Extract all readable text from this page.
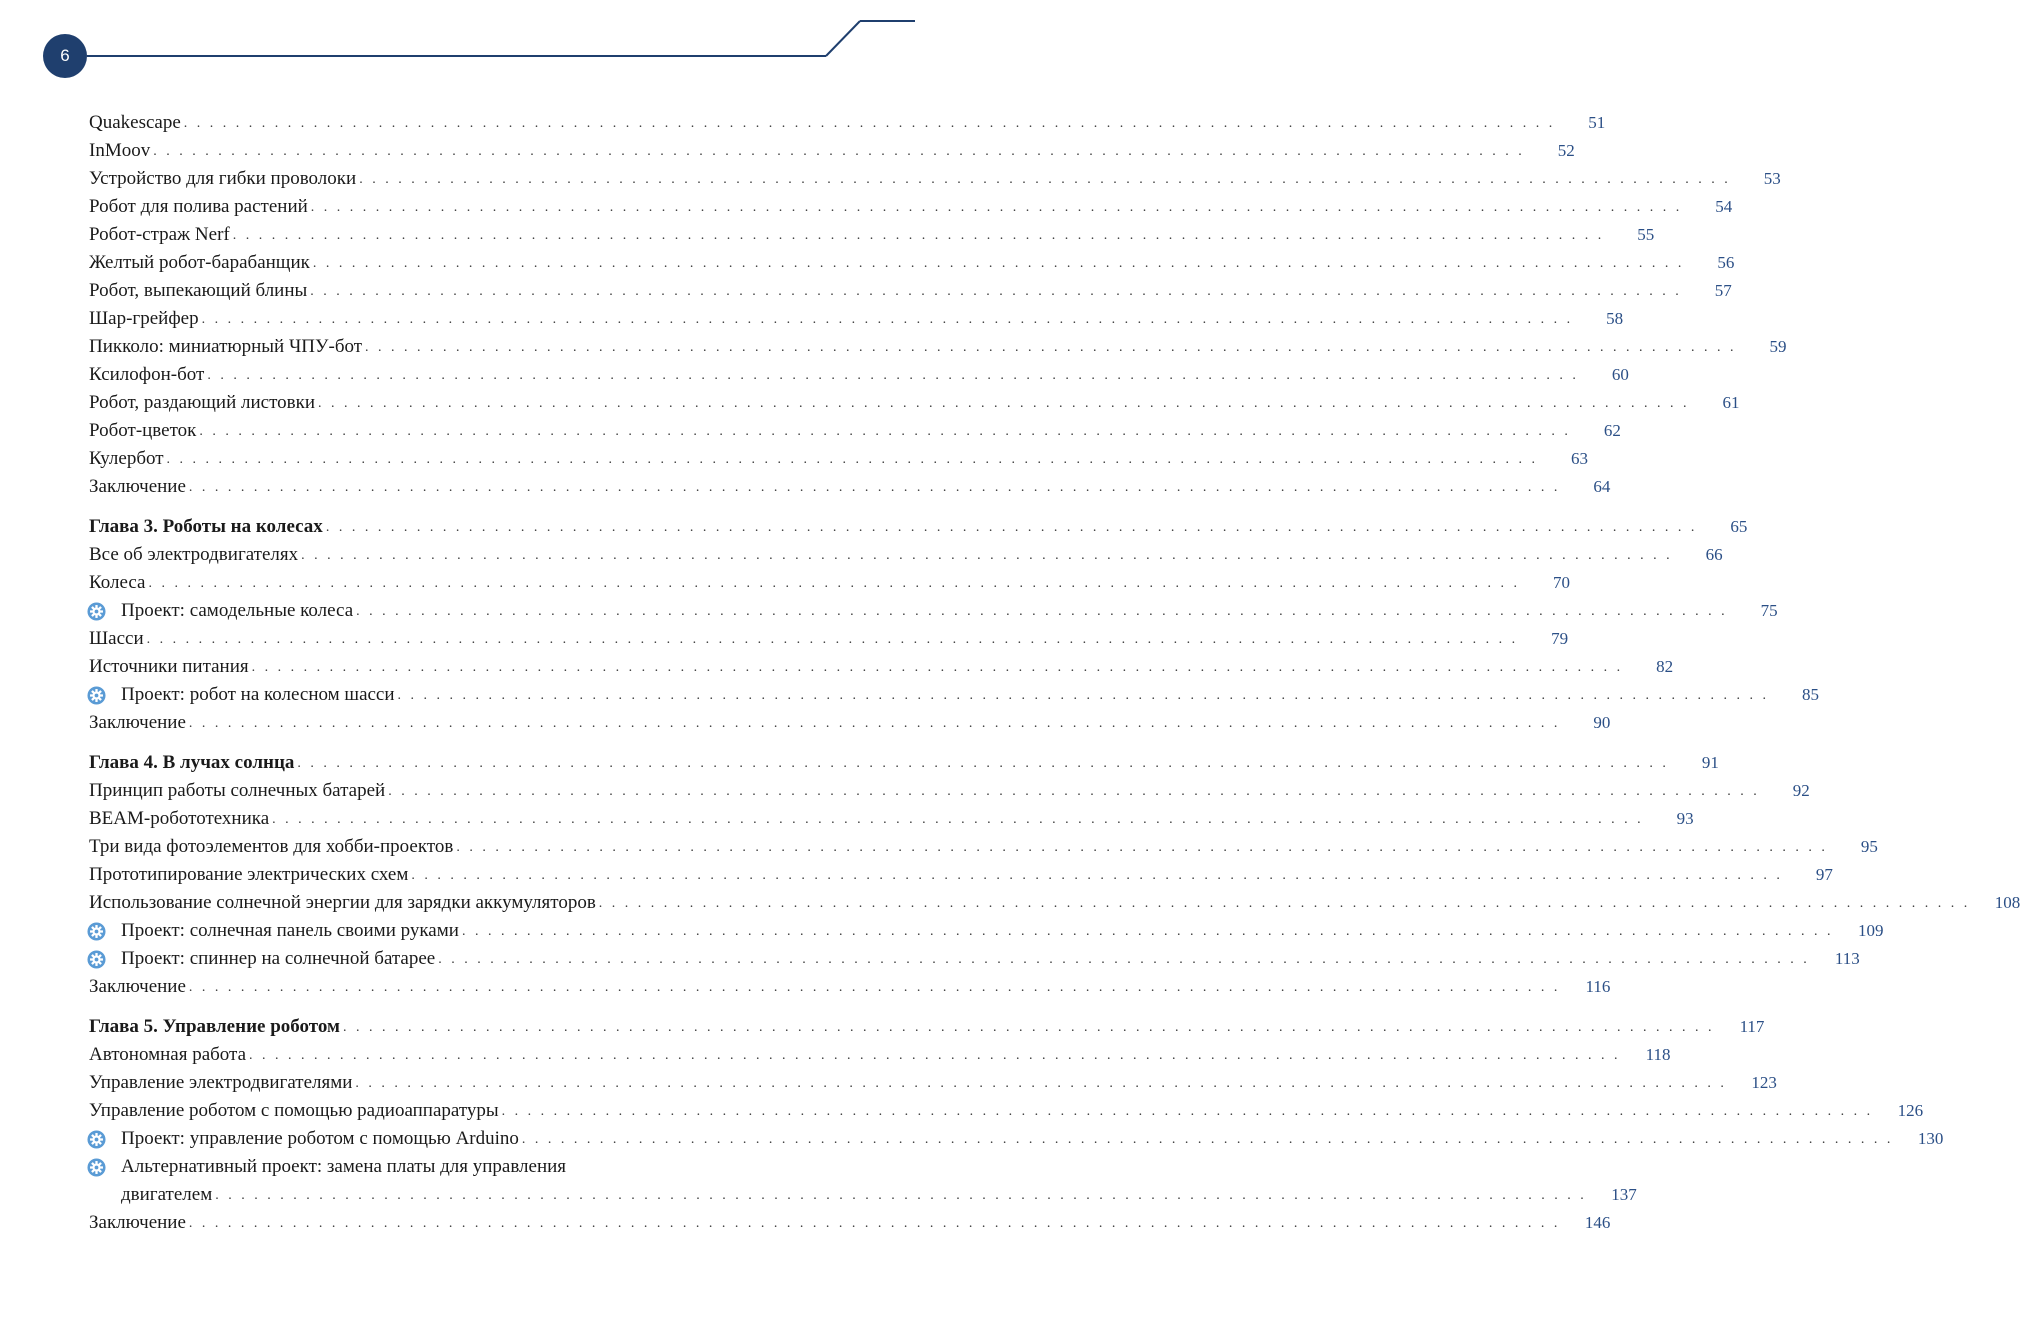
6
Quakescape . . . . . . . . . . . . . . . . . . . . . . . . . . . . . . . . . . . . . . . . . . . . . . . . . . . . . . . . . . . . . . . . . . . . . . . . . . . . . . . . . . . . . . . . . . . . . . . . . . . . . . . . . .	51
InMoov . . . . . . . . . . . . . . . . . . . . . . . . . . . . . . . . . . . . . . . . . . . . . . . . . . . . . . . . . . . . . . . . . . . . . . . . . . . . . . . . . . . . . . . . . . . . . . . . . . . . . . . . . .	52
Устройство для гибки проволоки . . . . . . . . . . . . . . . . . . . . . . . . . . . . . . . . . . . . . . . . . . . . . . . . . . . . . . . . . . . . . . . . . . . . . . . . . . . . . . . . . . . . . . . . . . . . . . . . . . . . . . . . . .	53
Робот для полива растений . . . . . . . . . . . . . . . . . . . . . . . . . . . . . . . . . . . . . . . . . . . . . . . . . . . . . . . . . . . . . . . . . . . . . . . . . . . . . . . . . . . . . . . . . . . . . . . . . . . . . . . . . .	54
Робот-страж Nerf . . . . . . . . . . . . . . . . . . . . . . . . . . . . . . . . . . . . . . . . . . . . . . . . . . . . . . . . . . . . . . . . . . . . . . . . . . . . . . . . . . . . . . . . . . . . . . . . . . . . . . . . . .	55
Желтый робот-барабанщик . . . . . . . . . . . . . . . . . . . . . . . . . . . . . . . . . . . . . . . . . . . . . . . . . . . . . . . . . . . . . . . . . . . . . . . . . . . . . . . . . . . . . . . . . . . . . . . . . . . . . . . . . .	56
Робот, выпекающий блины . . . . . . . . . . . . . . . . . . . . . . . . . . . . . . . . . . . . . . . . . . . . . . . . . . . . . . . . . . . . . . . . . . . . . . . . . . . . . . . . . . . . . . . . . . . . . . . . . . . . . . . . . .	57
Шар-грейфер . . . . . . . . . . . . . . . . . . . . . . . . . . . . . . . . . . . . . . . . . . . . . . . . . . . . . . . . . . . . . . . . . . . . . . . . . . . . . . . . . . . . . . . . . . . . . . . . . . . . . . . . . .	58
Пикколо: миниатюрный ЧПУ-бот . . . . . . . . . . . . . . . . . . . . . . . . . . . . . . . . . . . . . . . . . . . . . . . . . . . . . . . . . . . . . . . . . . . . . . . . . . . . . . . . . . . . . . . . . . . . . . . . . . . . . . . . . .	59
Ксилофон-бот . . . . . . . . . . . . . . . . . . . . . . . . . . . . . . . . . . . . . . . . . . . . . . . . . . . . . . . . . . . . . . . . . . . . . . . . . . . . . . . . . . . . . . . . . . . . . . . . . . . . . . . . . .	60
Робот, раздающий листовки . . . . . . . . . . . . . . . . . . . . . . . . . . . . . . . . . . . . . . . . . . . . . . . . . . . . . . . . . . . . . . . . . . . . . . . . . . . . . . . . . . . . . . . . . . . . . . . . . . . . . . . . . .	61
Робот-цветок . . . . . . . . . . . . . . . . . . . . . . . . . . . . . . . . . . . . . . . . . . . . . . . . . . . . . . . . . . . . . . . . . . . . . . . . . . . . . . . . . . . . . . . . . . . . . . . . . . . . . . . . . .	62
Кулербот . . . . . . . . . . . . . . . . . . . . . . . . . . . . . . . . . . . . . . . . . . . . . . . . . . . . . . . . . . . . . . . . . . . . . . . . . . . . . . . . . . . . . . . . . . . . . . . . . . . . . . . . . .	63
Заключение . . . . . . . . . . . . . . . . . . . . . . . . . . . . . . . . . . . . . . . . . . . . . . . . . . . . . . . . . . . . . . . . . . . . . . . . . . . . . . . . . . . . . . . . . . . . . . . . . . . . . . . . . .	64
Глава 3. Роботы на колесах . . . . . . . . . . . . . . . . . . . . . . . . . . . . . . . . . . . . . . . . . . . . . . . . . . . . . . . . . . . . . . . . . . . . . . . . . . . . . . . . . . . . . . . . . . . . . . . . . . . . . . . . . .	65
Все об электродвигателях . . . . . . . . . . . . . . . . . . . . . . . . . . . . . . . . . . . . . . . . . . . . . . . . . . . . . . . . . . . . . . . . . . . . . . . . . . . . . . . . . . . . . . . . . . . . . . . . . . . . . . . . . .	66
Колеса . . . . . . . . . . . . . . . . . . . . . . . . . . . . . . . . . . . . . . . . . . . . . . . . . . . . . . . . . . . . . . . . . . . . . . . . . . . . . . . . . . . . . . . . . . . . . . . . . . . . . . . . . .	70
Проект: самодельные колеса . . . . . . . . . . . . . . . . . . . . . . . . . . . . . . . . . . . . . . . . . . . . . . . . . . . . . . . . . . . . . . . . . . . . . . . . . . . . . . . . . . . . . . . . . . . . . . . . . . . . . . . . . .	75
Шасси . . . . . . . . . . . . . . . . . . . . . . . . . . . . . . . . . . . . . . . . . . . . . . . . . . . . . . . . . . . . . . . . . . . . . . . . . . . . . . . . . . . . . . . . . . . . . . . . . . . . . . . . . .	79
Источники питания . . . . . . . . . . . . . . . . . . . . . . . . . . . . . . . . . . . . . . . . . . . . . . . . . . . . . . . . . . . . . . . . . . . . . . . . . . . . . . . . . . . . . . . . . . . . . . . . . . . . . . . . . .	82
Проект: робот на колесном шасси . . . . . . . . . . . . . . . . . . . . . . . . . . . . . . . . . . . . . . . . . . . . . . . . . . . . . . . . . . . . . . . . . . . . . . . . . . . . . . . . . . . . . . . . . . . . . . . . . . . . . . . . . .	85
Заключение . . . . . . . . . . . . . . . . . . . . . . . . . . . . . . . . . . . . . . . . . . . . . . . . . . . . . . . . . . . . . . . . . . . . . . . . . . . . . . . . . . . . . . . . . . . . . . . . . . . . . . . . . .	90
Глава 4. В лучах солнца . . . . . . . . . . . . . . . . . . . . . . . . . . . . . . . . . . . . . . . . . . . . . . . . . . . . . . . . . . . . . . . . . . . . . . . . . . . . . . . . . . . . . . . . . . . . . . . . . . . . . . . . . .	91
Принцип работы солнечных батарей . . . . . . . . . . . . . . . . . . . . . . . . . . . . . . . . . . . . . . . . . . . . . . . . . . . . . . . . . . . . . . . . . . . . . . . . . . . . . . . . . . . . . . . . . . . . . . . . . . . . . . . . . .	92
BEAM-робототехника . . . . . . . . . . . . . . . . . . . . . . . . . . . . . . . . . . . . . . . . . . . . . . . . . . . . . . . . . . . . . . . . . . . . . . . . . . . . . . . . . . . . . . . . . . . . . . . . . . . . . . . . . .	93
Три вида фотоэлементов для хобби-проектов . . . . . . . . . . . . . . . . . . . . . . . . . . . . . . . . . . . . . . . . . . . . . . . . . . . . . . . . . . . . . . . . . . . . . . . . . . . . . . . . . . . . . . . . . . . . . . . . . . . . . . . . . .	95
Прототипирование электрических схем . . . . . . . . . . . . . . . . . . . . . . . . . . . . . . . . . . . . . . . . . . . . . . . . . . . . . . . . . . . . . . . . . . . . . . . . . . . . . . . . . . . . . . . . . . . . . . . . . . . . . . . . . .	97
Использование солнечной энергии для зарядки аккумуляторов . . . . . . . . . . . . . . . . . . . . . . . . . . . . . . . . . . . . . . . . . . . . . . . . . . . . . . . . . . . . . . . . . . . . . . . . . . . . . . . . . . . . . . . . . . . . . . . . . . . . . . . . . .	108
Проект: солнечная панель своими руками . . . . . . . . . . . . . . . . . . . . . . . . . . . . . . . . . . . . . . . . . . . . . . . . . . . . . . . . . . . . . . . . . . . . . . . . . . . . . . . . . . . . . . . . . . . . . . . . . . . . . . . . . .	109
Проект: спиннер на солнечной батарее . . . . . . . . . . . . . . . . . . . . . . . . . . . . . . . . . . . . . . . . . . . . . . . . . . . . . . . . . . . . . . . . . . . . . . . . . . . . . . . . . . . . . . . . . . . . . . . . . . . . . . . . . .	113
Заключение . . . . . . . . . . . . . . . . . . . . . . . . . . . . . . . . . . . . . . . . . . . . . . . . . . . . . . . . . . . . . . . . . . . . . . . . . . . . . . . . . . . . . . . . . . . . . . . . . . . . . . . . . .	116
Глава 5. Управление роботом . . . . . . . . . . . . . . . . . . . . . . . . . . . . . . . . . . . . . . . . . . . . . . . . . . . . . . . . . . . . . . . . . . . . . . . . . . . . . . . . . . . . . . . . . . . . . . . . . . . . . . . . . .	117
Автономная работа . . . . . . . . . . . . . . . . . . . . . . . . . . . . . . . . . . . . . . . . . . . . . . . . . . . . . . . . . . . . . . . . . . . . . . . . . . . . . . . . . . . . . . . . . . . . . . . . . . . . . . . . . .	118
Управление электродвигателями . . . . . . . . . . . . . . . . . . . . . . . . . . . . . . . . . . . . . . . . . . . . . . . . . . . . . . . . . . . . . . . . . . . . . . . . . . . . . . . . . . . . . . . . . . . . . . . . . . . . . . . . . .	123
Управление роботом с помощью радиоаппаратуры . . . . . . . . . . . . . . . . . . . . . . . . . . . . . . . . . . . . . . . . . . . . . . . . . . . . . . . . . . . . . . . . . . . . . . . . . . . . . . . . . . . . . . . . . . . . . . . . . . . . . . . . . .	126
Проект: управление роботом с помощью Arduino . . . . . . . . . . . . . . . . . . . . . . . . . . . . . . . . . . . . . . . . . . . . . . . . . . . . . . . . . . . . . . . . . . . . . . . . . . . . . . . . . . . . . . . . . . . . . . . . . . . . . . . . . .	130
Альтернативный проект: замена платы для управления
двигателем . . . . . . . . . . . . . . . . . . . . . . . . . . . . . . . . . . . . . . . . . . . . . . . . . . . . . . . . . . . . . . . . . . . . . . . . . . . . . . . . . . . . . . . . . . . . . . . . . . . . . . . . . .	137
Заключение . . . . . . . . . . . . . . . . . . . . . . . . . . . . . . . . . . . . . . . . . . . . . . . . . . . . . . . . . . . . . . . . . . . . . . . . . . . . . . . . . . . . . . . . . . . . . . . . . . . . . . . . . .	146
